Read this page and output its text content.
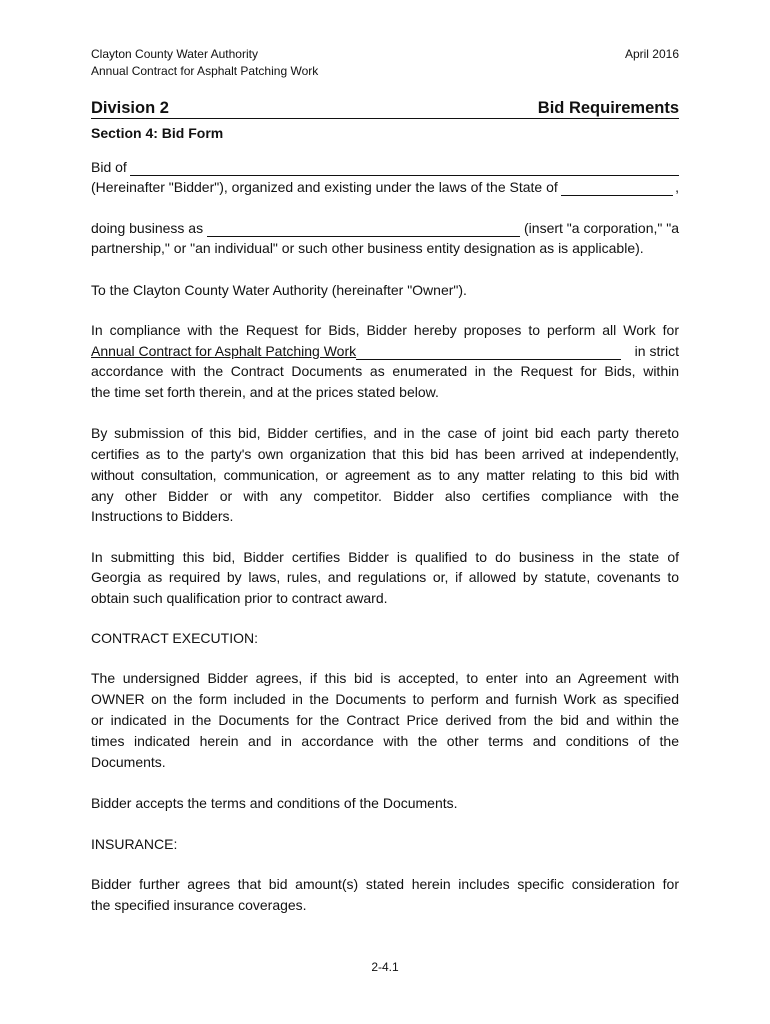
Clayton County Water Authority
Annual Contract for Asphalt Patching Work
April 2016
Division 2	Bid Requirements
Section 4: Bid Form
Bid of
(Hereinafter "Bidder"), organized and existing under the laws of the State of	,
doing business as	(insert "a corporation," "a
partnership," or "an individual" or such other business entity designation as is applicable).
To the Clayton County Water Authority (hereinafter "Owner").
In compliance with the Request for Bids, Bidder hereby proposes to perform all Work for
Annual Contract for Asphalt Patching Work	in strict
accordance with the Contract Documents as enumerated in the Request for Bids, within
the time set forth therein, and at the prices stated below.
By submission of this bid, Bidder certifies, and in the case of joint bid each party thereto
certifies as to the party's own organization that this bid has been arrived at independently,
without consultation, communication, or agreement as to any matter relating to this bid with
any other Bidder or with any competitor. Bidder also certifies compliance with the
Instructions to Bidders.
In submitting this bid, Bidder certifies Bidder is qualified to do business in the state of
Georgia as required by laws, rules, and regulations or, if allowed by statute, covenants to
obtain such qualification prior to contract award.
CONTRACT EXECUTION:
The undersigned Bidder agrees, if this bid is accepted, to enter into an Agreement with
OWNER on the form included in the Documents to perform and furnish Work as specified
or indicated in the Documents for the Contract Price derived from the bid and within the
times indicated herein and in accordance with the other terms and conditions of the
Documents.
Bidder accepts the terms and conditions of the Documents.
INSURANCE:
Bidder further agrees that bid amount(s) stated herein includes specific consideration for
the specified insurance coverages.
2-4.1
